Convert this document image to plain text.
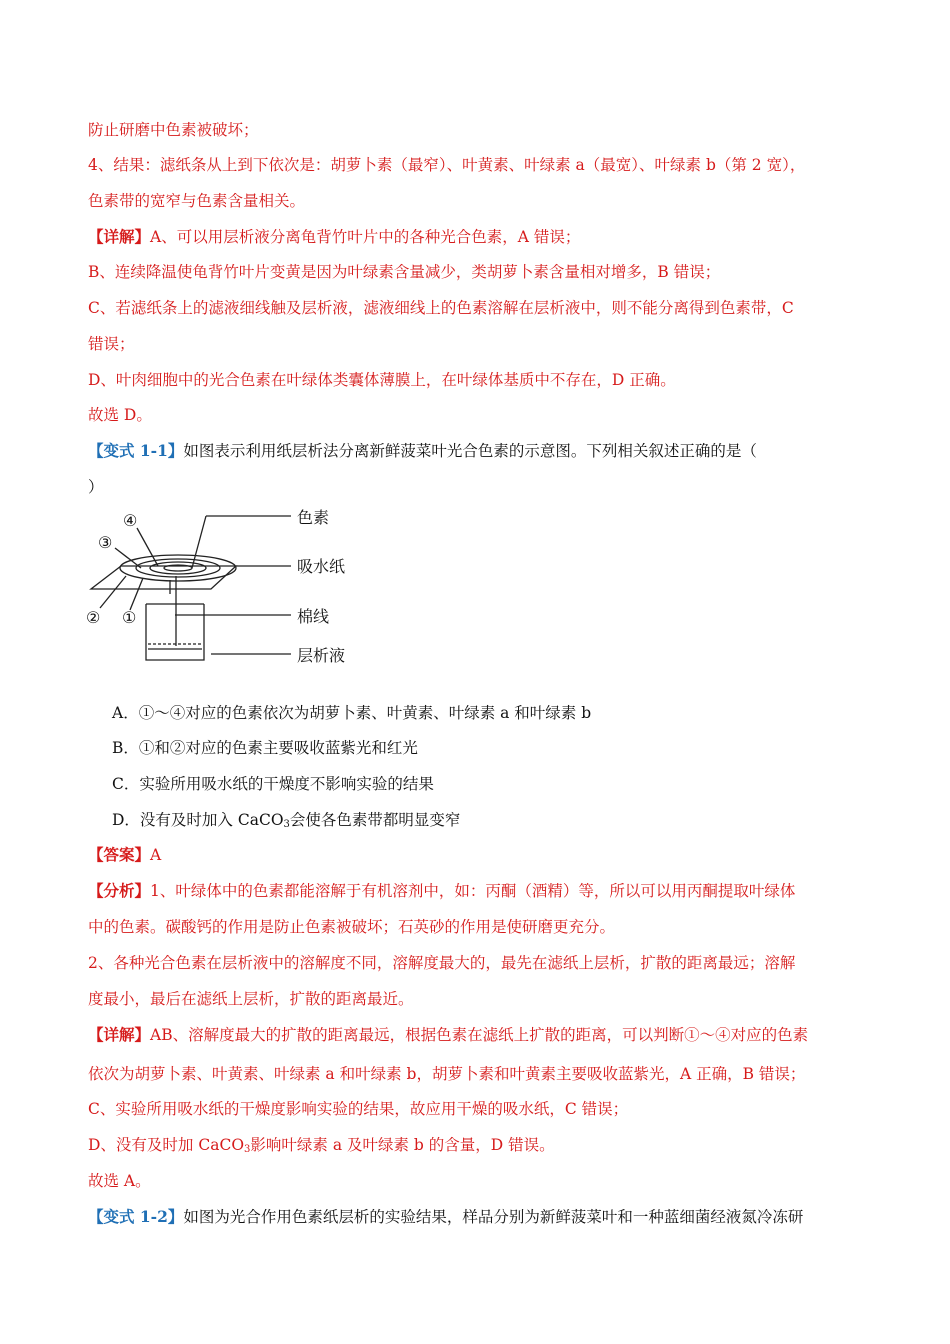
防止研磨中色素被破坏；
4、结果：滤纸条从上到下依次是：胡萝卜素（最窄）、叶黄素、叶绿素 a（最宽）、叶绿素 b（第 2 宽），
色素带的宽窄与色素含量相关。
【详解】A、可以用层析液分离龟背竹叶片中的各种光合色素，A 错误；
B、连续降温使龟背竹叶片变黄是因为叶绿素含量减少，类胡萝卜素含量相对增多，B 错误；
C、若滤纸条上的滤液细线触及层析液，滤液细线上的色素溶解在层析液中，则不能分离得到色素带，C
错误；
D、叶肉细胞中的光合色素在叶绿体类囊体薄膜上，在叶绿体基质中不存在，D 正确。
故选 D。
【变式 1-1】如图表示利用纸层析法分离新鲜菠菜叶光合色素的示意图。下列相关叙述正确的是（
）
④
③
② ①
色素
吸水纸
棉线
层析液
A．①～④对应的色素依次为胡萝卜素、叶黄素、叶绿素 a 和叶绿素 b
B．①和②对应的色素主要吸收蓝紫光和红光
C．实验所用吸水纸的干燥度不影响实验的结果
D．没有及时加入 CaCO$_3$会使各色素带都明显变窄
【答案】A
【分析】1、叶绿体中的色素都能溶解于有机溶剂中，如：丙酮（酒精）等，所以可以用丙酮提取叶绿体
中的色素。碳酸钙的作用是防止色素被破坏；石英砂的作用是使研磨更充分。
2、各种光合色素在层析液中的溶解度不同，溶解度最大的，最先在滤纸上层析，扩散的距离最远；溶解
度最小，最后在滤纸上层析，扩散的距离最近。
【详解】AB、溶解度最大的扩散的距离最远，根据色素在滤纸上扩散的距离，可以判断①～④对应的色素
依次为胡萝卜素、叶黄素、叶绿素 a 和叶绿素 b，胡萝卜素和叶黄素主要吸收蓝紫光，A 正确，B 错误；
C、实验所用吸水纸的干燥度影响实验的结果，故应用干燥的吸水纸，C 错误；
D、没有及时加 CaCO$_3$影响叶绿素 a 及叶绿素 b 的含量，D 错误。
故选 A。
【变式 1-2】如图为光合作用色素纸层析的实验结果，样品分别为新鲜菠菜叶和一种蓝细菌经液氮冷冻研
